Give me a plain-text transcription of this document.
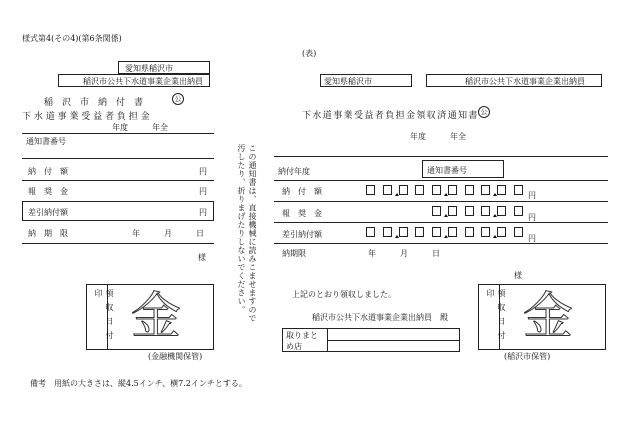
様式第4(その4)(第6条関係)
(表)
愛知県稲沢市
稲沢市公共下水道事業企業出納員
稲　沢　市　納　付　書	公
下 水 道 事 業 受 益 者 負 担 金
年度　　　年全
通知書番号
納　付　額	円
報　奨　金	円
差引納付額	円
納　期　限	年　　　月　　　日
様
領収日付印 金
(金融機関保管)
この通知書は、直接機械に読みこませますので汚したり、折りまげたりしないでください。
愛知県稲沢市	稲沢市公共下水道事業企業出納員
下水道事業受益者負担金領収済通知書 公
年度　　　年全
納付年度	通知書番号
納　付　額	円
報　奨　金	円
差引納付額	円
納期限	年　　　月　　　日
様
上記のとおり領収しました。
稲沢市公共下水道事業企業出納員　殿
取りまとめ店
領収日付印 金
(稲沢市保管)
備考　用紙の大きさは、縦4.5インチ、横7.2インチとする。
